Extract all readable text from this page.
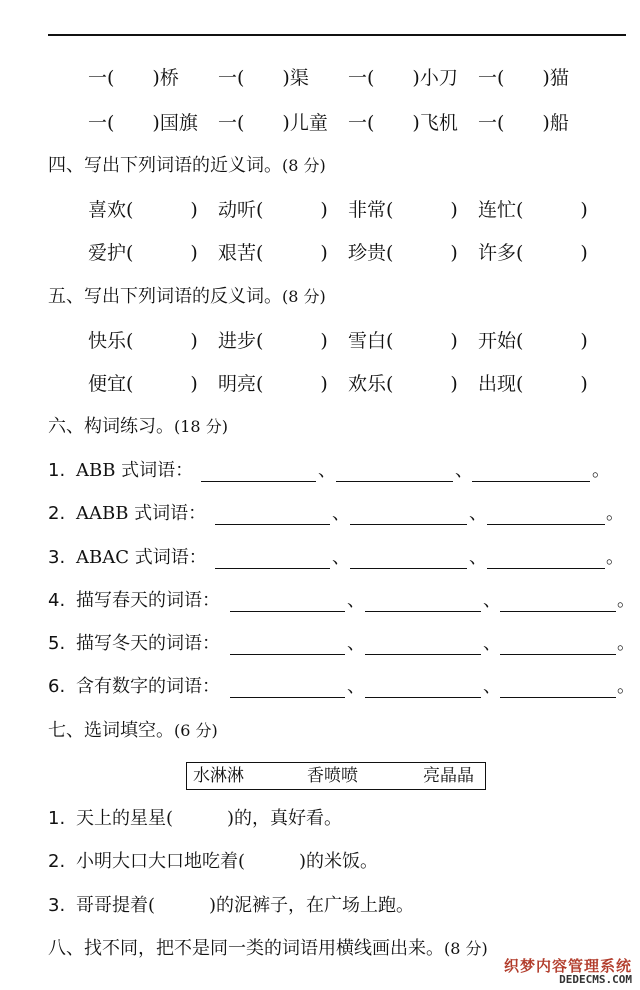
一(　　)桥 一(　　)渠 一(　　)小刀 一(　　)猫
一(　　)国旗 一(　　)儿童 一(　　)飞机 一(　　)船
四、写出下列词语的近义词。(8 分)
喜欢(　　　) 动听(　　　) 非常(　　　) 连忙(　　　)
爱护(　　　) 艰苦(　　　) 珍贵(　　　) 许多(　　　)
五、写出下列词语的反义词。(8 分)
快乐(　　　) 进步(　　　) 雪白(　　　) 开始(　　　)
便宜(　　　) 明亮(　　　) 欢乐(　　　) 出现(　　　)
六、构词练习。(18 分)
1. ABB 式词语：	、	、	。
2. AABB 式词语：	、	、	。
3. ABAC 式词语：	、	、	。
4. 描写春天的词语：	、	、	。
5. 描写冬天的词语：	、	、	。
6. 含有数字的词语：	、	、	。
七、选词填空。(6 分)
水淋淋	香喷喷	亮晶晶
1. 天上的星星(　　　)的，真好看。
2. 小明大口大口地吃着(　　　)的米饭。
3. 哥哥提着(　　　)的泥裤子，在广场上跑。
八、找不同，把不是同一类的词语用横线画出来。(8 分)
织梦内容管理系统
DEDECMS.COM
